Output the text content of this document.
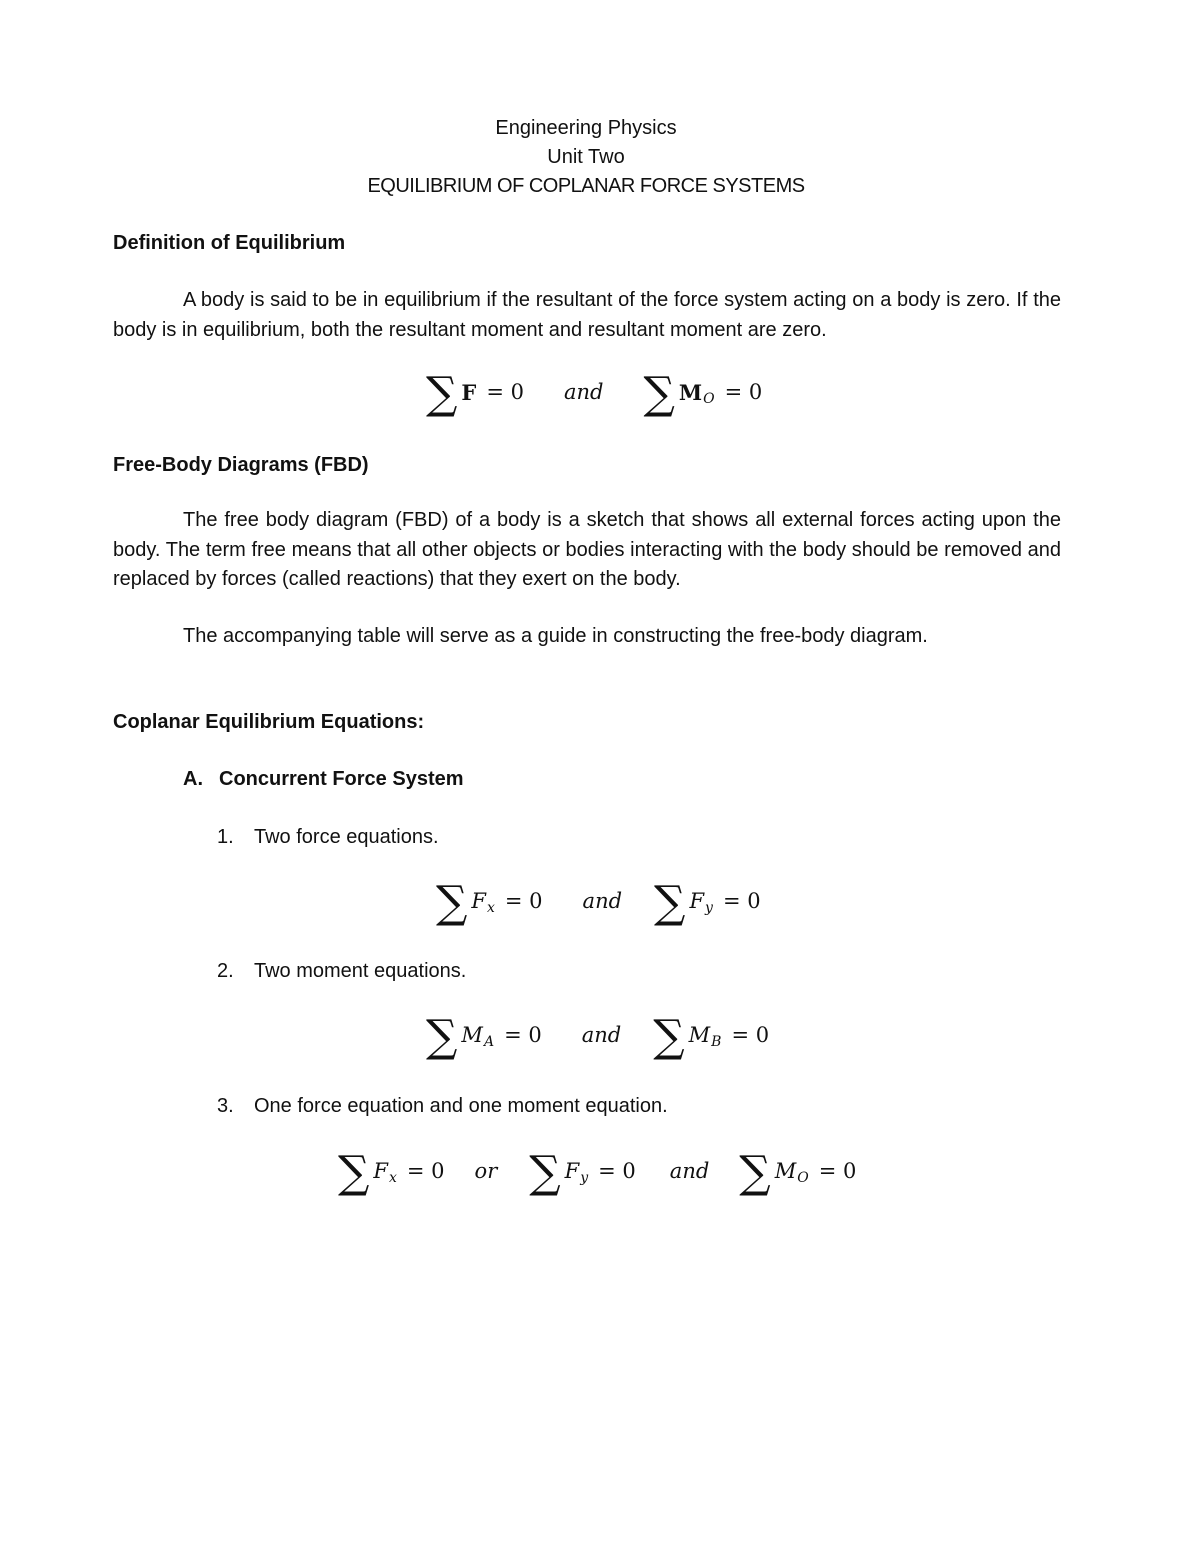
Engineering Physics
Unit Two
EQUILIBRIUM OF COPLANAR FORCE SYSTEMS
Definition of Equilibrium
A body is said to be in equilibrium if the resultant of the force system acting on a body is zero. If the body is in equilibrium, both the resultant moment and resultant moment are zero.
∑ F = 0 and ∑ M O = 0
Free-Body Diagrams (FBD)
The free body diagram (FBD) of a body is a sketch that shows all external forces acting upon the body. The term free means that all other objects or bodies interacting with the body should be removed and replaced by forces (called reactions) that they exert on the body.
The accompanying table will serve as a guide in constructing the free-body diagram.
Coplanar Equilibrium Equations:
A. Concurrent Force System
1. Two force equations.
∑ F x = 0 and ∑ F y = 0
2. Two moment equations.
∑ M A = 0 and ∑ M B = 0
3. One force equation and one moment equation.
∑ F x = 0 or ∑ F y = 0 and ∑ M O = 0
